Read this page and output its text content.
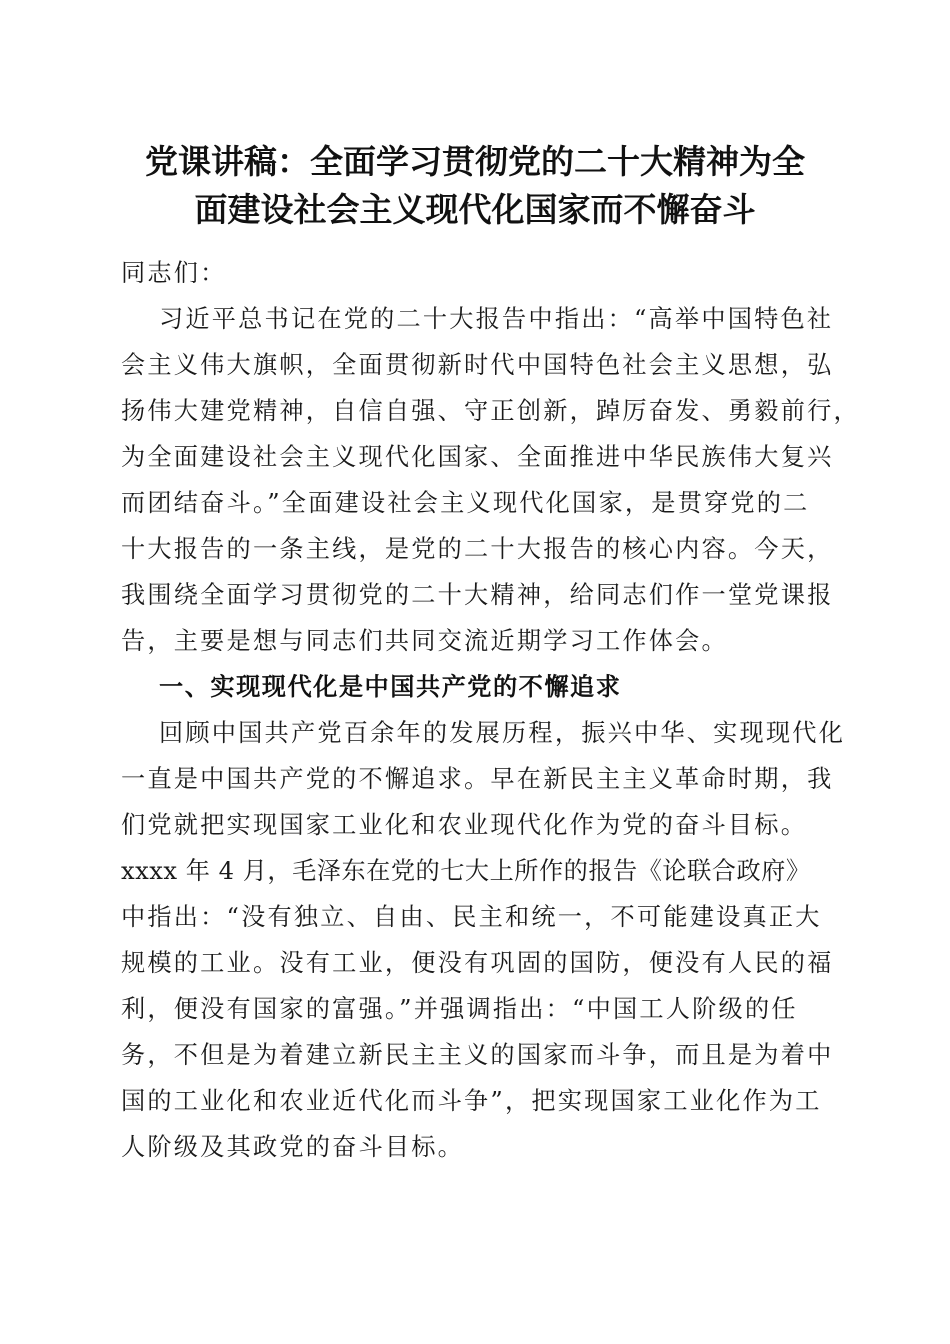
党课讲稿：全面学习贯彻党的二十大精神为全
面建设社会主义现代化国家而不懈奋斗
同志们：
习近平总书记在党的二十大报告中指出：“高举中国特色社
会主义伟大旗帜，全面贯彻新时代中国特色社会主义思想，弘
扬伟大建党精神，自信自强、守正创新，踔厉奋发、勇毅前行，
为全面建设社会主义现代化国家、全面推进中华民族伟大复兴
而团结奋斗。”全面建设社会主义现代化国家，是贯穿党的二
十大报告的一条主线，是党的二十大报告的核心内容。今天，
我围绕全面学习贯彻党的二十大精神，给同志们作一堂党课报
告，主要是想与同志们共同交流近期学习工作体会。
一、实现现代化是中国共产党的不懈追求
回顾中国共产党百余年的发展历程，振兴中华、实现现代化
一直是中国共产党的不懈追求。早在新民主主义革命时期，我
们党就把实现国家工业化和农业现代化作为党的奋斗目标。
xxxx 年 4 月，毛泽东在党的七大上所作的报告《论联合政府》
中指出：“没有独立、自由、民主和统一，不可能建设真正大
规模的工业。没有工业，便没有巩固的国防，便没有人民的福
利，便没有国家的富强。”并强调指出：“中国工人阶级的任
务，不但是为着建立新民主主义的国家而斗争，而且是为着中
国的工业化和农业近代化而斗争”，把实现国家工业化作为工
人阶级及其政党的奋斗目标。
